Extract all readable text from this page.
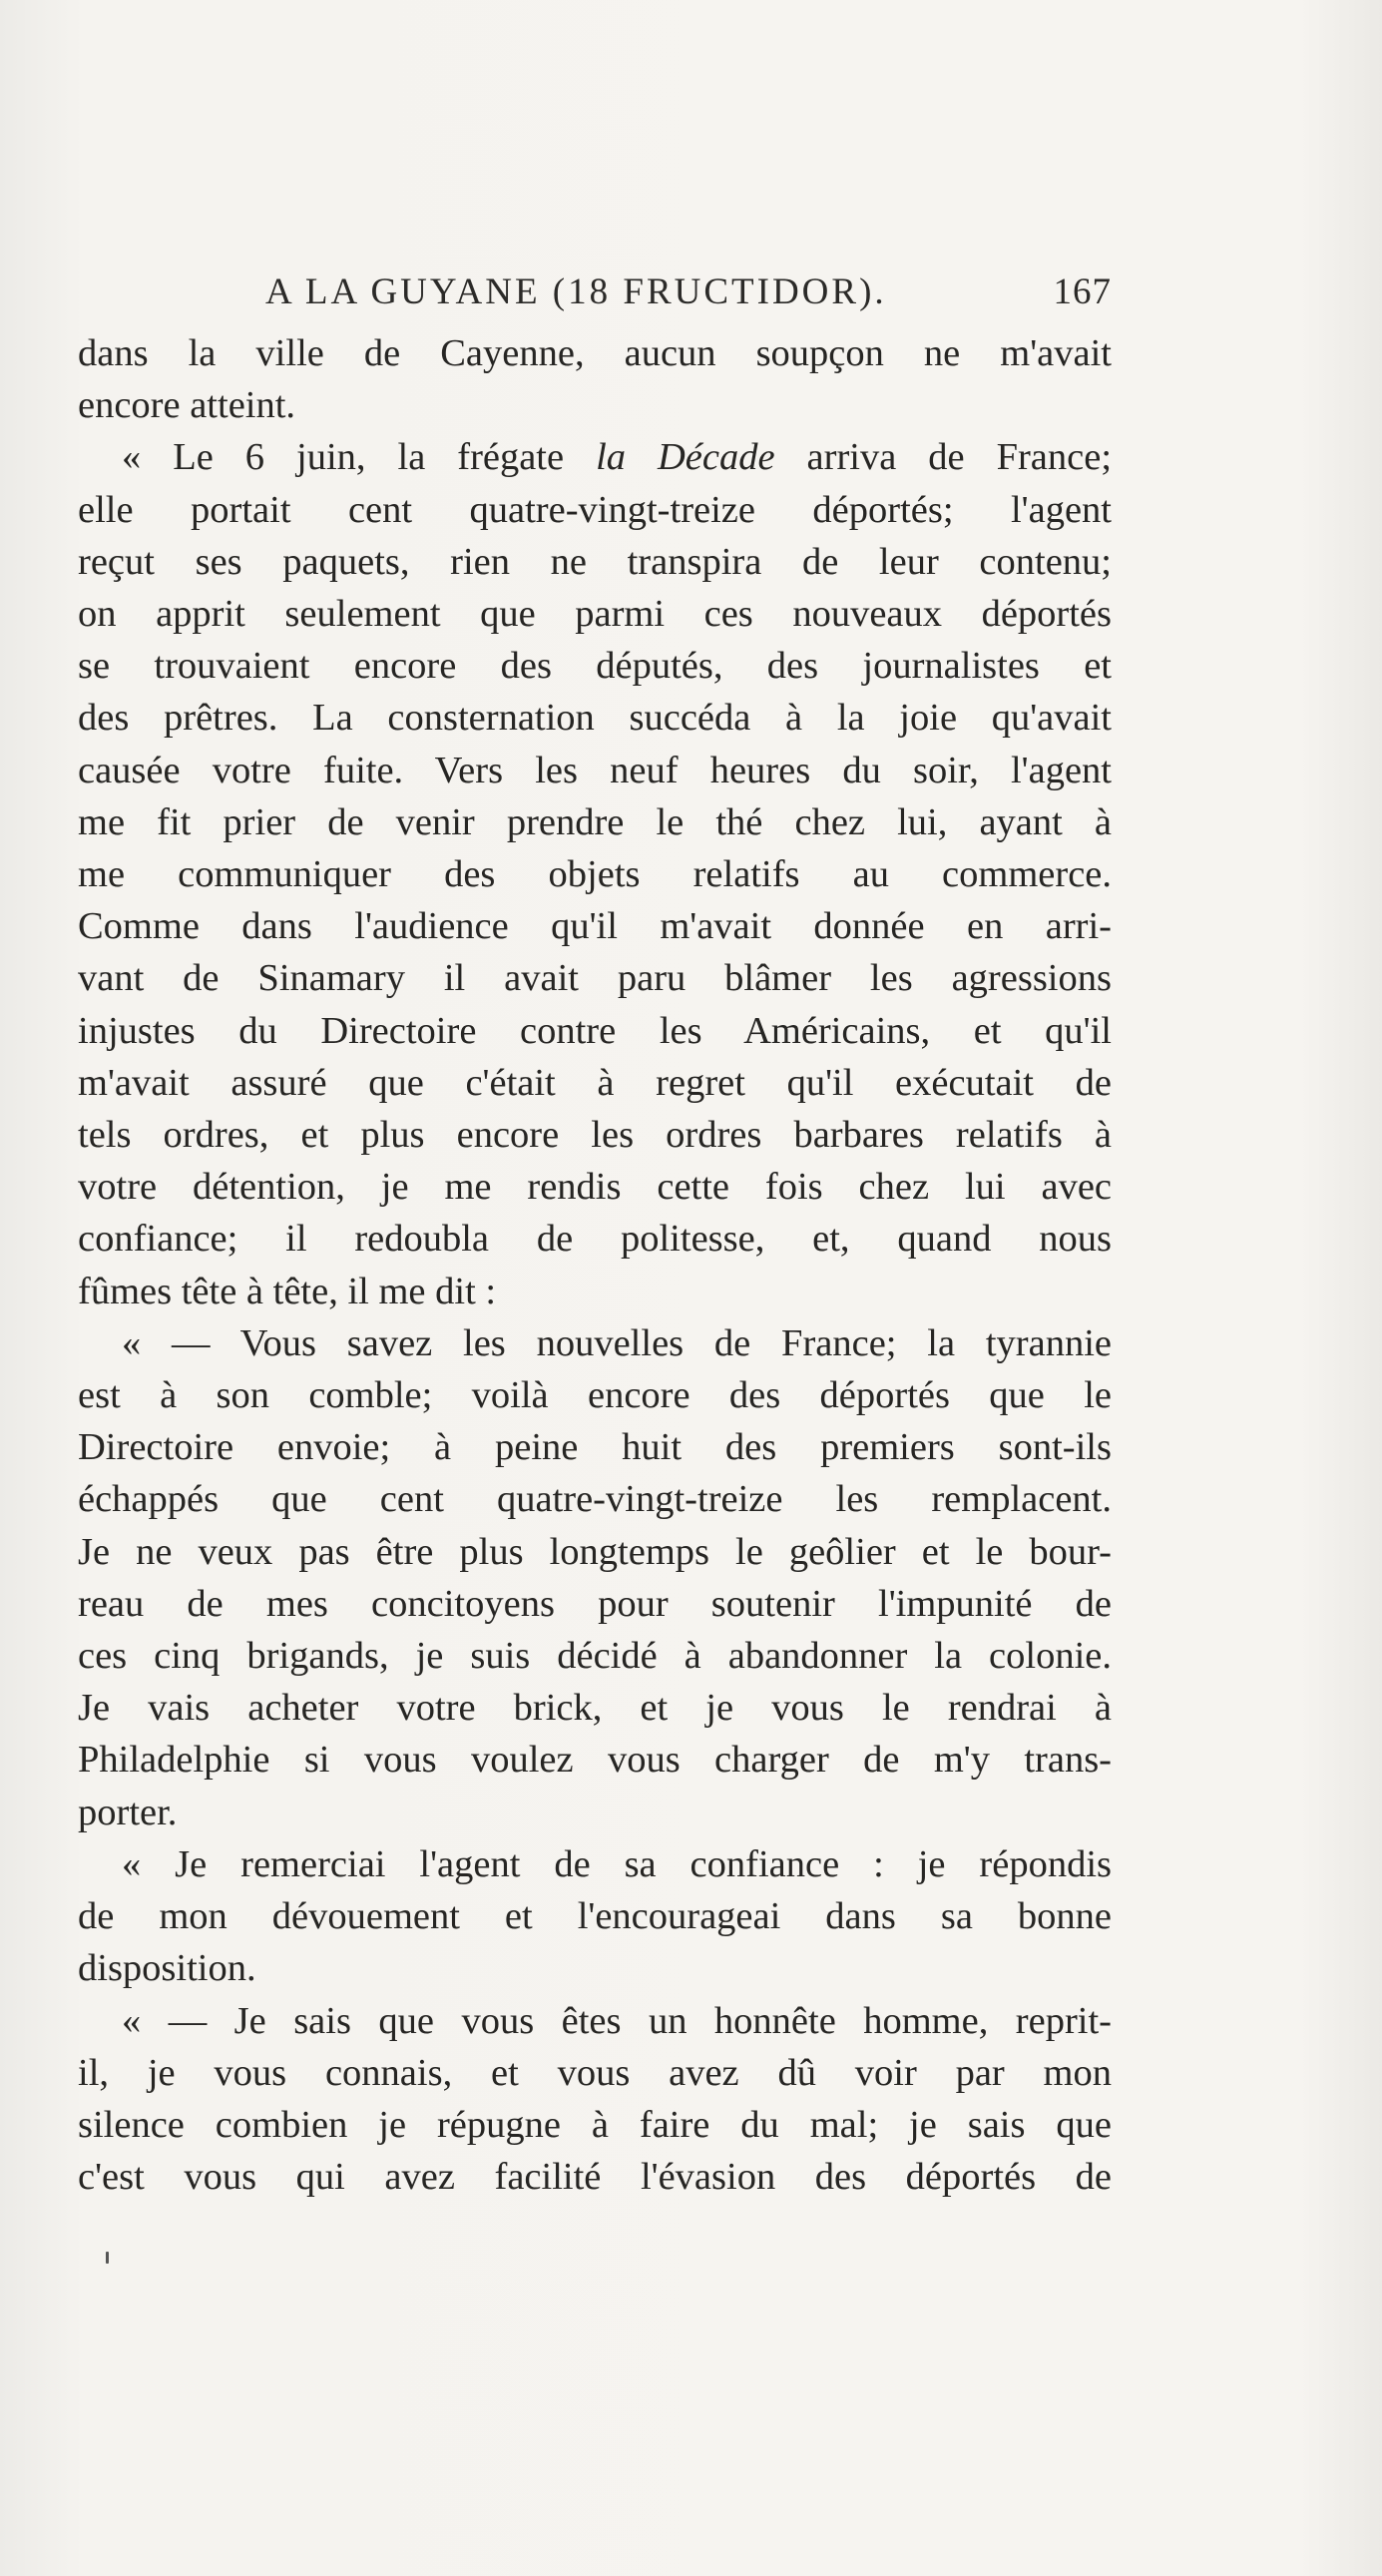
A LA GUYANE (18 FRUCTIDOR).	167

dans la ville de Cayenne, aucun soupçon ne m'avait

encore atteint.

« Le 6 juin, la frégate la Décade arriva de France;

elle portait cent quatre-vingt-treize déportés; l'agent

reçut ses paquets, rien ne transpira de leur contenu;

on apprit seulement que parmi ces nouveaux déportés

se trouvaient encore des députés, des journalistes et

des prêtres. La consternation succéda à la joie qu'avait

causée votre fuite. Vers les neuf heures du soir, l'agent

me fit prier de venir prendre le thé chez lui, ayant à

me communiquer des objets relatifs au commerce.

Comme dans l'audience qu'il m'avait donnée en arri-

vant de Sinamary il avait paru blâmer les agressions

injustes du Directoire contre les Américains, et qu'il

m'avait assuré que c'était à regret qu'il exécutait de

tels ordres, et plus encore les ordres barbares relatifs à

votre détention, je me rendis cette fois chez lui avec

confiance; il redoubla de politesse, et, quand nous

fûmes tête à tête, il me dit :

« — Vous savez les nouvelles de France; la tyrannie

est à son comble; voilà encore des déportés que le

Directoire envoie; à peine huit des premiers sont-ils

échappés que cent quatre-vingt-treize les remplacent.

Je ne veux pas être plus longtemps le geôlier et le bour-

reau de mes concitoyens pour soutenir l'impunité de

ces cinq brigands, je suis décidé à abandonner la colonie.

Je vais acheter votre brick, et je vous le rendrai à

Philadelphie si vous voulez vous charger de m'y trans-

porter.

« Je remerciai l'agent de sa confiance : je répondis

de mon dévouement et l'encourageai dans sa bonne

disposition.

« — Je sais que vous êtes un honnête homme, reprit-

il, je vous connais, et vous avez dû voir par mon

silence combien je répugne à faire du mal; je sais que

c'est vous qui avez facilité l'évasion des déportés de
